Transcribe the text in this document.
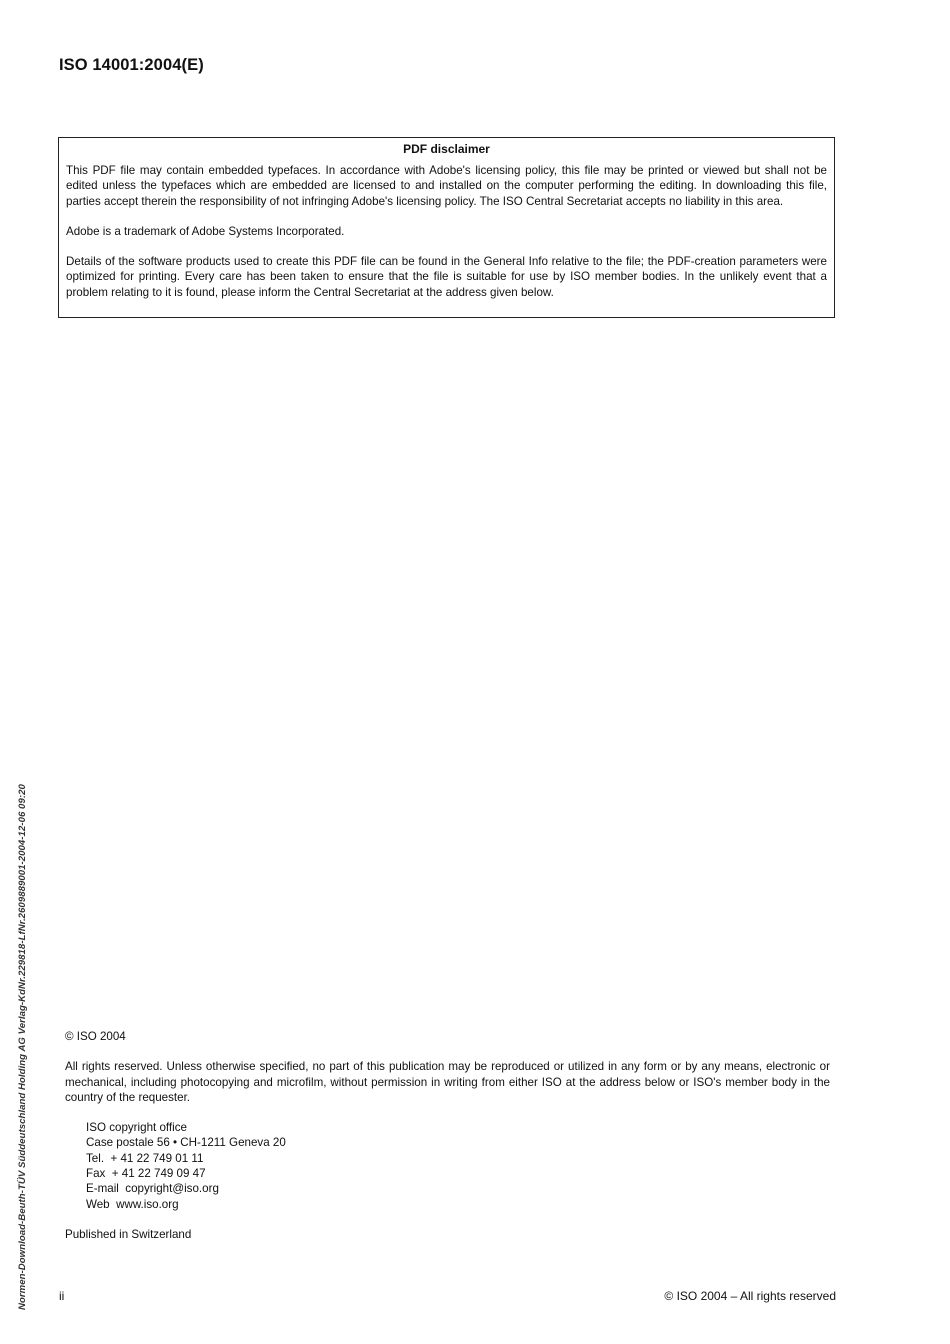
ISO 14001:2004(E)
PDF disclaimer

This PDF file may contain embedded typefaces. In accordance with Adobe's licensing policy, this file may be printed or viewed but shall not be edited unless the typefaces which are embedded are licensed to and installed on the computer performing the editing. In downloading this file, parties accept therein the responsibility of not infringing Adobe's licensing policy. The ISO Central Secretariat accepts no liability in this area.

Adobe is a trademark of Adobe Systems Incorporated.

Details of the software products used to create this PDF file can be found in the General Info relative to the file; the PDF-creation parameters were optimized for printing. Every care has been taken to ensure that the file is suitable for use by ISO member bodies. In the unlikely event that a problem relating to it is found, please inform the Central Secretariat at the address given below.

© ISO 2004

All rights reserved. Unless otherwise specified, no part of this publication may be reproduced or utilized in any form or by any means, electronic or mechanical, including photocopying and microfilm, without permission in writing from either ISO at the address below or ISO's member body in the country of the requester.

ISO copyright office
Case postale 56 • CH-1211 Geneva 20
Tel.  + 41 22 749 01 11
Fax  + 41 22 749 09 47
E-mail  copyright@iso.org
Web  www.iso.org

Published in Switzerland

ii	© ISO 2004 – All rights reserved
Normen-Download-Beuth-TÜV Süddeutschland Holding AG Verlag-KdNr.229818-LfNr.2609889001-2004-12-06 09:20
